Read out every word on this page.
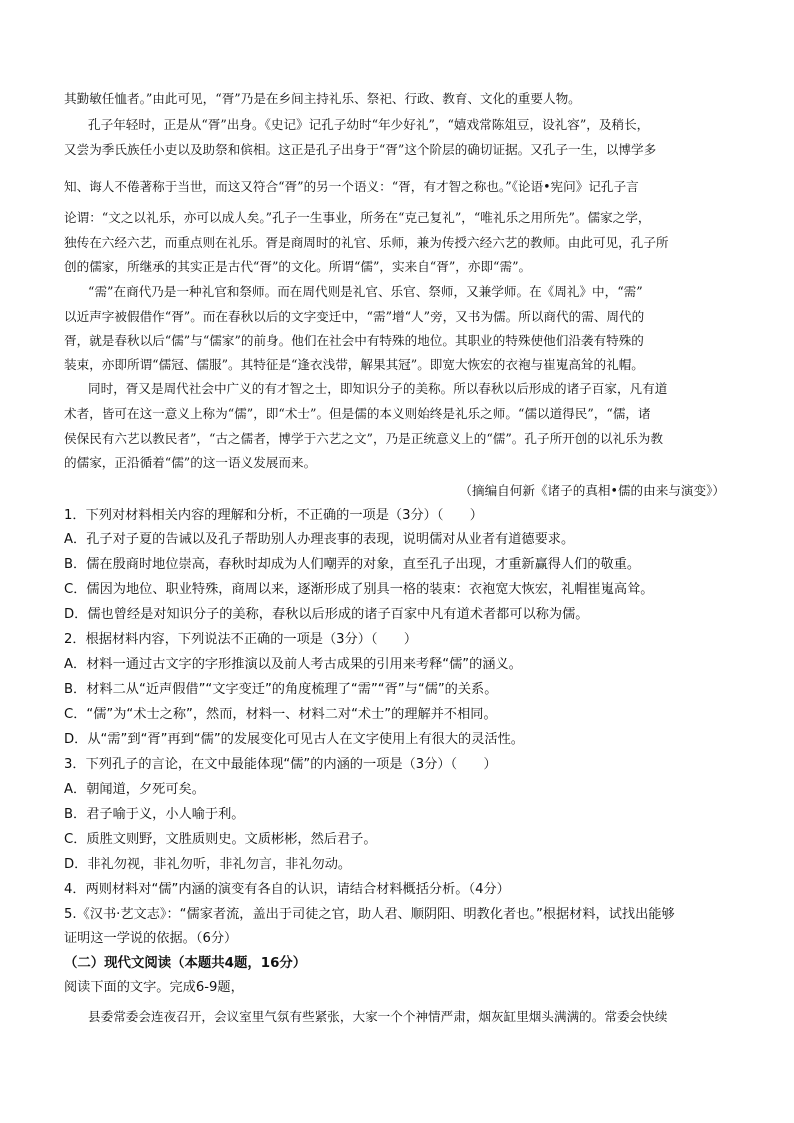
其勤敏任恤者。”由此可见，“胥”乃是在乡间主持礼乐、祭祀、行政、教育、文化的重要人物。
孔子年轻时，正是从“胥”出身。《史记》记孔子幼时“年少好礼”，“嬉戏常陈俎豆，设礼容”，及稍长，
又尝为季氏族任小吏以及助祭和傧相。这正是孔子出身于“胥”这个阶层的确切证据。又孔子一生，以博学多
知、诲人不倦著称于当世，而这又符合“胥”的另一个语义：“胥，有才智之称也。”《论语•宪问》记孔子言
论谓：“文之以礼乐，亦可以成人矣。”孔子一生事业，所务在“克己复礼”，“唯礼乐之用所先”。儒家之学，
独传在六经六艺，而重点则在礼乐。胥是商周时的礼官、乐师，兼为传授六经六艺的教师。由此可见，孔子所
创的儒家，所继承的其实正是古代“胥”的文化。所谓“儒”，实来自“胥”，亦即“需”。
“需”在商代乃是一种礼官和祭师。而在周代则是礼官、乐官、祭师，又兼学师。在《周礼》中，“需”
以近声字被假借作“胥”。而在春秋以后的文字变迁中，“需”增“人”旁，又书为儒。所以商代的需、周代的
胥，就是春秋以后“儒”与“儒家”的前身。他们在社会中有特殊的地位。其职业的特殊使他们沿袭有特殊的
装束，亦即所谓“儒冠、儒服”。其特征是“逢衣浅带，解果其冠”。即宽大恢宏的衣袍与崔嵬高耸的礼帽。
同时，胥又是周代社会中广义的有才智之士，即知识分子的美称。所以春秋以后形成的诸子百家，凡有道
术者，皆可在这一意义上称为“儒”，即“术士”。但是儒的本义则始终是礼乐之师。“儒以道得民”，“儒，诸
侯保民有六艺以教民者”，“古之儒者，博学于六艺之文”，乃是正统意义上的“儒”。孔子所开创的以礼乐为教
的儒家，正沿循着“儒”的这一语义发展而来。
（摘编自何新《诸子的真相•儒的由来与演变》）
1．下列对材料相关内容的理解和分析，不正确的一项是（3分）（　　）
A．孔子对子夏的告诫以及孔子帮助别人办理丧事的表现，说明儒对从业者有道德要求。
B．儒在殷商时地位崇高，春秋时却成为人们嘲弄的对象，直至孔子出现，才重新赢得人们的敬重。
C．儒因为地位、职业特殊，商周以来，逐渐形成了别具一格的装束：衣袍宽大恢宏，礼帽崔嵬高耸。
D．儒也曾经是对知识分子的美称，春秋以后形成的诸子百家中凡有道术者都可以称为儒。
2．根据材料内容，下列说法不正确的一项是（3分）（　　）
A．材料一通过古文字的字形推演以及前人考古成果的引用来考释“儒”的涵义。
B．材料二从“近声假借”“文字变迁”的角度梳理了“需”“胥”与“儒”的关系。
C．“儒”为“术士之称”，然而，材料一、材料二对“术士”的理解并不相同。
D．从“需”到“胥”再到“儒”的发展变化可见古人在文字使用上有很大的灵活性。
3．下列孔子的言论，在文中最能体现“儒”的内涵的一项是（3分）（　　）
A．朝闻道，夕死可矣。
B．君子喻于义，小人喻于利。
C．质胜文则野，文胜质则史。文质彬彬，然后君子。
D．非礼勿视，非礼勿听，非礼勿言，非礼勿动。
4．两则材料对“儒”内涵的演变有各自的认识，请结合材料概括分析。（4分）
5.《汉书·艺文志》：“儒家者流，盖出于司徒之官，助人君、顺阴阳、明教化者也。”根据材料，试找出能够
证明这一学说的依据。（6分）
（二）现代文阅读（本题共4题，16分）
阅读下面的文字。完成6-9题，
县委常委会连夜召开，会议室里气氛有些紧张，大家一个个神情严肃，烟灰缸里烟头满满的。常委会快续
